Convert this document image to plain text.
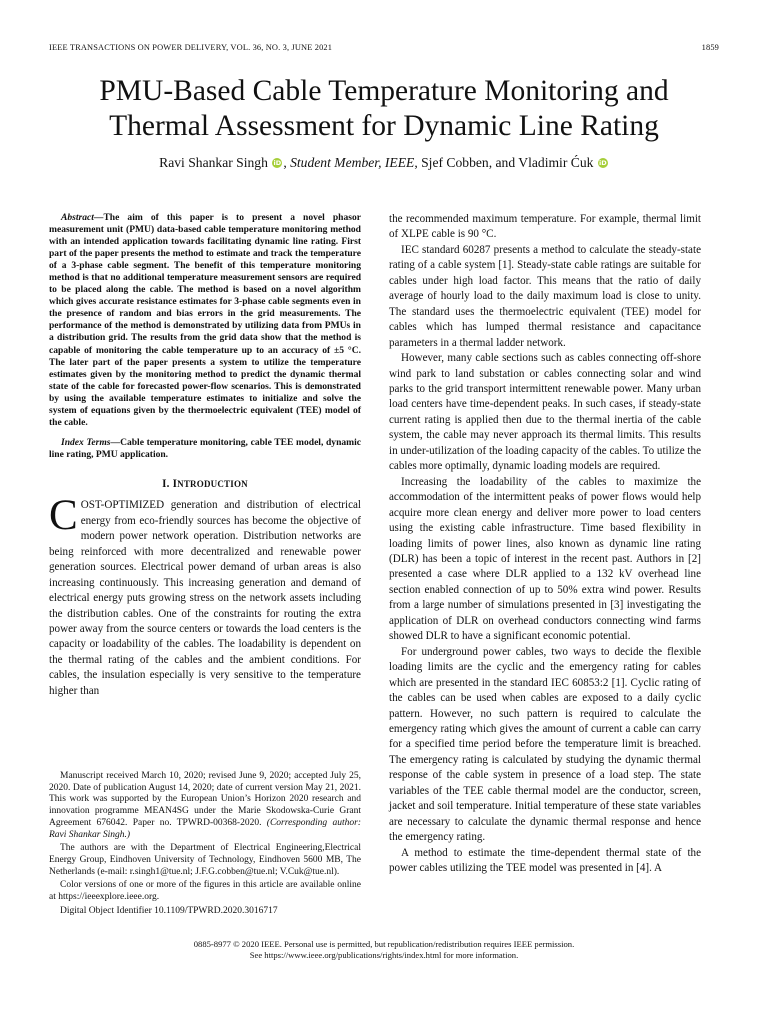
IEEE TRANSACTIONS ON POWER DELIVERY, VOL. 36, NO. 3, JUNE 2021	1859
PMU-Based Cable Temperature Monitoring and
Thermal Assessment for Dynamic Line Rating
Ravi Shankar Singh iD , Student Member, IEEE, Sjef Cobben, and Vladimir Ćuk iD

Abstract—The aim of this paper is to present a novel phasor measurement unit (PMU) data-based cable temperature monitoring method with an intended application towards facilitating dynamic line rating. First part of the paper presents the method to estimate and track the temperature of a 3-phase cable segment. The benefit of this temperature monitoring method is that no additional temperature measurement sensors are required to be placed along the cable. The method is based on a novel algorithm which gives accurate resistance estimates for 3-phase cable segments even in the presence of random and bias errors in the grid measurements. The performance of the method is demonstrated by utilizing data from PMUs in a distribution grid. The results from the grid data show that the method is capable of monitoring the cable temperature up to an accuracy of ±5 °C. The later part of the paper presents a system to utilize the temperature estimates given by the monitoring method to predict the dynamic thermal state of the cable for forecasted power-flow scenarios. This is demonstrated by using the available temperature estimates to initialize and solve the system of equations given by the thermoelectric equivalent (TEE) model of the cable.

Index Terms—Cable temperature monitoring, cable TEE model, dynamic line rating, PMU application.

I. INTRODUCTION

COST-OPTIMIZED generation and distribution of electrical energy from eco-friendly sources has become the objective of modern power network operation. Distribution networks are being reinforced with more decentralized and renewable power generation sources. Electrical power demand of urban areas is also increasing continuously. This increasing generation and demand of electrical energy puts growing stress on the network assets including the distribution cables. One of the constraints for routing the extra power away from the source centers or towards the load centers is the capacity or loadability of the cables. The loadability is dependent on the thermal rating of the cables and the ambient conditions. For cables, the insulation especially is very sensitive to the temperature higher than

Manuscript received March 10, 2020; revised June 9, 2020; accepted July 25, 2020. Date of publication August 14, 2020; date of current version May 21, 2021. This work was supported by the European Union’s Horizon 2020 research and innovation programme MEAN4SG under the Marie Skodowska-Curie Grant Agreement 676042. Paper no. TPWRD-00368-2020. (Corresponding author: Ravi Shankar Singh.)

The authors are with the Department of Electrical Engineering,Electrical Energy Group, Eindhoven University of Technology, Eindhoven 5600 MB, The Netherlands (e-mail: r.singh1@tue.nl; J.F.G.cobben@tue.nl; V.Cuk@tue.nl).

Color versions of one or more of the figures in this article are available online at https://ieeexplore.ieee.org.

Digital Object Identifier 10.1109/TPWRD.2020.3016717

the recommended maximum temperature. For example, thermal limit of XLPE cable is 90 °C.

IEC standard 60287 presents a method to calculate the steady-state rating of a cable system [1]. Steady-state cable ratings are suitable for cables under high load factor. This means that the ratio of daily average of hourly load to the daily maximum load is close to unity. The standard uses the thermoelectric equivalent (TEE) model for cables which has lumped thermal resistance and capacitance parameters in a thermal ladder network.

However, many cable sections such as cables connecting off-shore wind park to land substation or cables connecting solar and wind parks to the grid transport intermittent renewable power. Many urban load centers have time-dependent peaks. In such cases, if steady-state current rating is applied then due to the thermal inertia of the cable system, the cable may never approach its thermal limits. This results in under-utilization of the loading capacity of the cables. To utilize the cables more optimally, dynamic loading models are required.

Increasing the loadability of the cables to maximize the accommodation of the intermittent peaks of power flows would help acquire more clean energy and deliver more power to load centers using the existing cable infrastructure. Time based flexibility in loading limits of power lines, also known as dynamic line rating (DLR) has been a topic of interest in the recent past. Authors in [2] presented a case where DLR applied to a 132 kV overhead line section enabled connection of up to 50% extra wind power. Results from a large number of simulations presented in [3] investigating the application of DLR on overhead conductors connecting wind farms showed DLR to have a significant economic potential.

For underground power cables, two ways to decide the flexible loading limits are the cyclic and the emergency rating for cables which are presented in the standard IEC 60853:2 [1]. Cyclic rating of the cables can be used when cables are exposed to a daily cyclic pattern. However, no such pattern is required to calculate the emergency rating which gives the amount of current a cable can carry for a specified time period before the temperature limit is breached. The emergency rating is calculated by studying the dynamic thermal response of the cable system in presence of a load step. The state variables of the TEE cable thermal model are the conductor, screen, jacket and soil temperature. Initial temperature of these state variables are necessary to calculate the dynamic thermal response and hence the emergency rating.

A method to estimate the time-dependent thermal state of the power cables utilizing the TEE model was presented in [4]. A

0885-8977 © 2020 IEEE. Personal use is permitted, but republication/redistribution requires IEEE permission.
See https://www.ieee.org/publications/rights/index.html for more information.
